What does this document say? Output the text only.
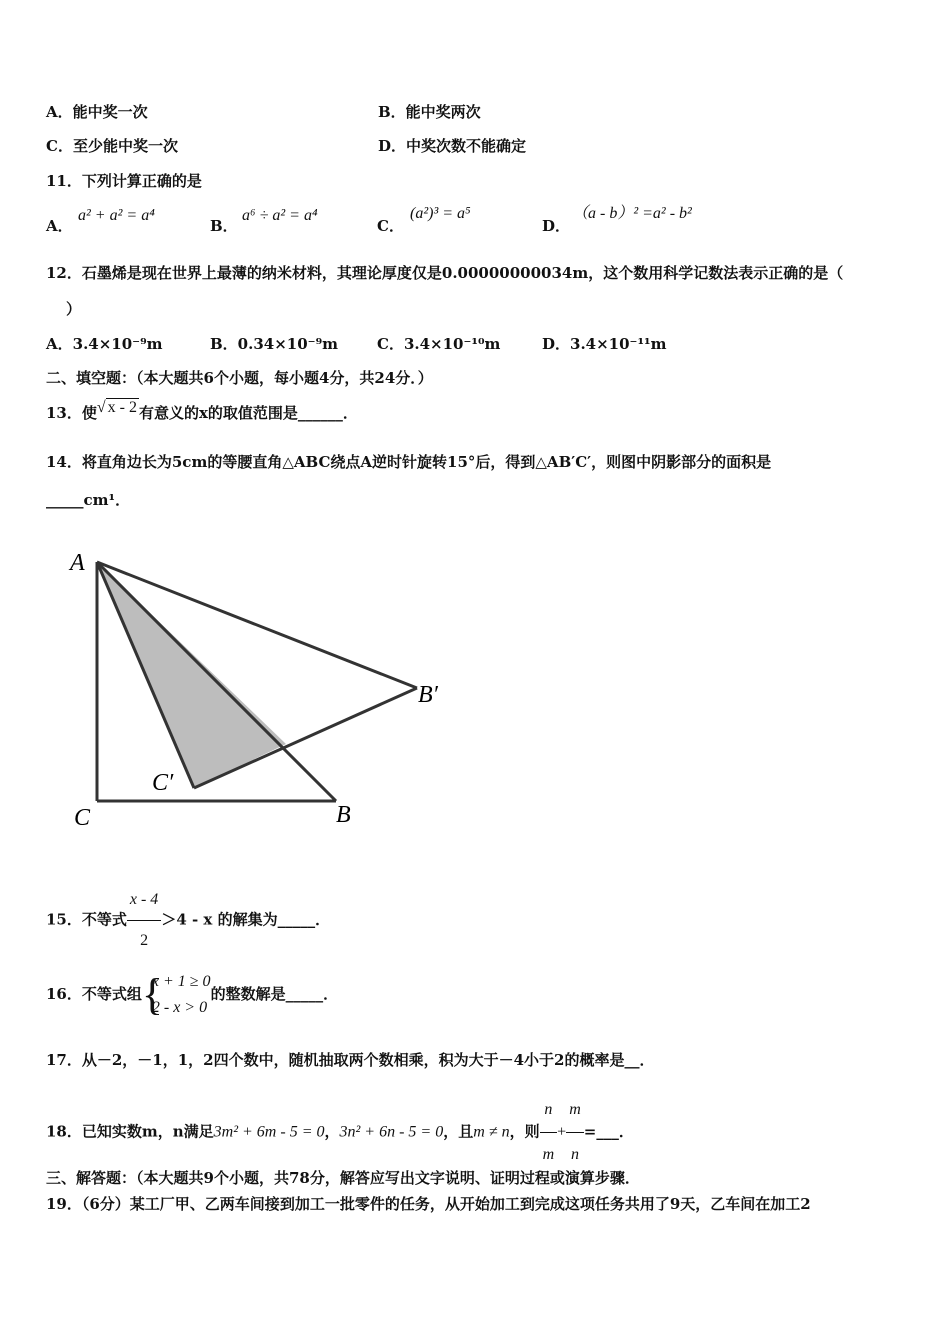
A．能中奖一次	B．能中奖两次
C．至少能中奖一次	D．中奖次数不能确定
11．下列计算正确的是
A．
a² + a² = a⁴
B．
a⁶ ÷ a² = a⁴
C．
(a²)³ = a⁵
D．
（a - b）² =a² - b²
12．石墨烯是现在世界上最薄的纳米材料，其理论厚度仅是0.00000000034m，这个数用科学记数法表示正确的是（
）
A．3.4×10⁻⁹m	B．0.34×10⁻⁹m	C．3.4×10⁻¹⁰m	D．3.4×10⁻¹¹m
二、填空题：（本大题共6个小题，每小题4分，共24分．）
13．使√ x - 2 有意义的x的取值范围是______．
14．将直角边长为5cm的等腰直角△ABC绕点A逆时针旋转15°后，得到△AB′C′，则图中阴影部分的面积是
_____cm¹．
A
C	B
B′
C′
15．不等式 $\frac{x - 4}{2} >4 - x$ 的解集为_____．
16．不等式组 {
x + 1 ≥ 0
2 - x > 0
的整数解是_____．
17．从－2，－1，1，2四个数中，随机抽取两个数相乘，积为大于－4小于2的概率是__．
18．已知实数m，n满足3m² + 6m - 5 = 0，3n² + 6n - 5 = 0，且m ≠ n，则 $\frac{n}{m} + \frac{m}{n}$ =___．
三、解答题：（本大题共9个小题，共78分，解答应写出文字说明、证明过程或演算步骤．
19．（6分）某工厂甲、乙两车间接到加工一批零件的任务，从开始加工到完成这项任务共用了9天，乙车间在加工2
